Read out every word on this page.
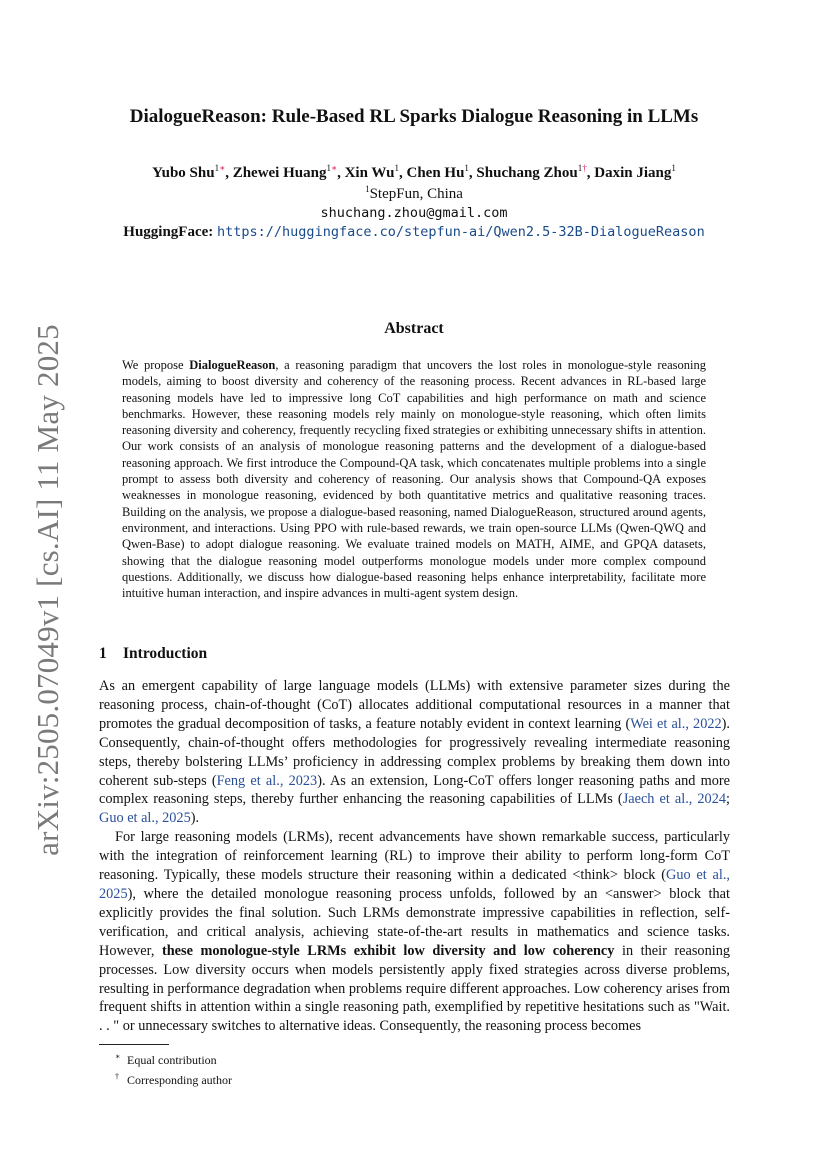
arXiv:2505.07049v1 [cs.AI] 11 May 2025
DialogueReason: Rule-Based RL Sparks Dialogue Reasoning in LLMs
Yubo Shu$^{1∗}$, Zhewei Huang$^{1∗}$, Xin Wu$^1$, Chen Hu$^1$, Shuchang Zhou$^{1\dagger}$, Daxin Jiang$^1$
$^1$StepFun, China
shuchang.zhou@gmail.com
HuggingFace: https://huggingface.co/stepfun-ai/Qwen2.5-32B-DialogueReason
Abstract
We propose DialogueReason, a reasoning paradigm that uncovers the lost roles in monologue-style reasoning models, aiming to boost diversity and coherency of the reasoning process. Recent advances in RL-based large reasoning models have led to impressive long CoT capabilities and high performance on math and science benchmarks. However, these reasoning models rely mainly on monologue-style reasoning, which often limits reasoning diversity and coherency, frequently recycling fixed strategies or exhibiting unnecessary shifts in attention. Our work consists of an analysis of monologue reasoning patterns and the development of a dialogue-based reasoning approach. We first introduce the Compound-QA task, which concatenates multiple problems into a single prompt to assess both diversity and coherency of reasoning. Our analysis shows that Compound-QA exposes weaknesses in monologue reasoning, evidenced by both quantitative metrics and qualitative reasoning traces. Building on the analysis, we propose a dialogue-based reasoning, named DialogueReason, structured around agents, environment, and interactions. Using PPO with rule-based rewards, we train open-source LLMs (Qwen-QWQ and Qwen-Base) to adopt dialogue reasoning. We evaluate trained models on MATH, AIME, and GPQA datasets, showing that the dialogue reasoning model outperforms monologue models under more complex compound questions. Additionally, we discuss how dialogue-based reasoning helps enhance interpretability, facilitate more intuitive human interaction, and inspire advances in multi-agent system design.
1 Introduction

As an emergent capability of large language models (LLMs) with extensive parameter sizes during the reasoning process, chain-of-thought (CoT) allocates additional computational resources in a manner that promotes the gradual decomposition of tasks, a feature notably evident in context learning (Wei et al., 2022). Consequently, chain-of-thought offers methodologies for progressively revealing intermediate reasoning steps, thereby bolstering LLMs’ proficiency in addressing complex problems by breaking them down into coherent sub-steps (Feng et al., 2023). As an extension, Long-CoT offers longer reasoning paths and more complex reasoning steps, thereby further enhancing the reasoning capabilities of LLMs (Jaech et al., 2024; Guo et al., 2025).

For large reasoning models (LRMs), recent advancements have shown remarkable success, particularly with the integration of reinforcement learning (RL) to improve their ability to perform long-form CoT reasoning. Typically, these models structure their reasoning within a dedicated <think> block (Guo et al., 2025), where the detailed monologue reasoning process unfolds, followed by an <answer> block that explicitly provides the final solution. Such LRMs demonstrate impressive capabilities in reflection, self-verification, and critical analysis, achieving state-of-the-art results in mathematics and science tasks. However, these monologue-style LRMs exhibit low diversity and low coherency in their reasoning processes. Low diversity occurs when models persistently apply fixed strategies across diverse problems, resulting in performance degradation when problems require different approaches. Low coherency arises from frequent shifts in attention within a single reasoning path, exemplified by repetitive hesitations such as "Wait. . . " or unnecessary switches to alternative ideas. Consequently, the reasoning process becomes

∗ Equal contribution
† Corresponding author
